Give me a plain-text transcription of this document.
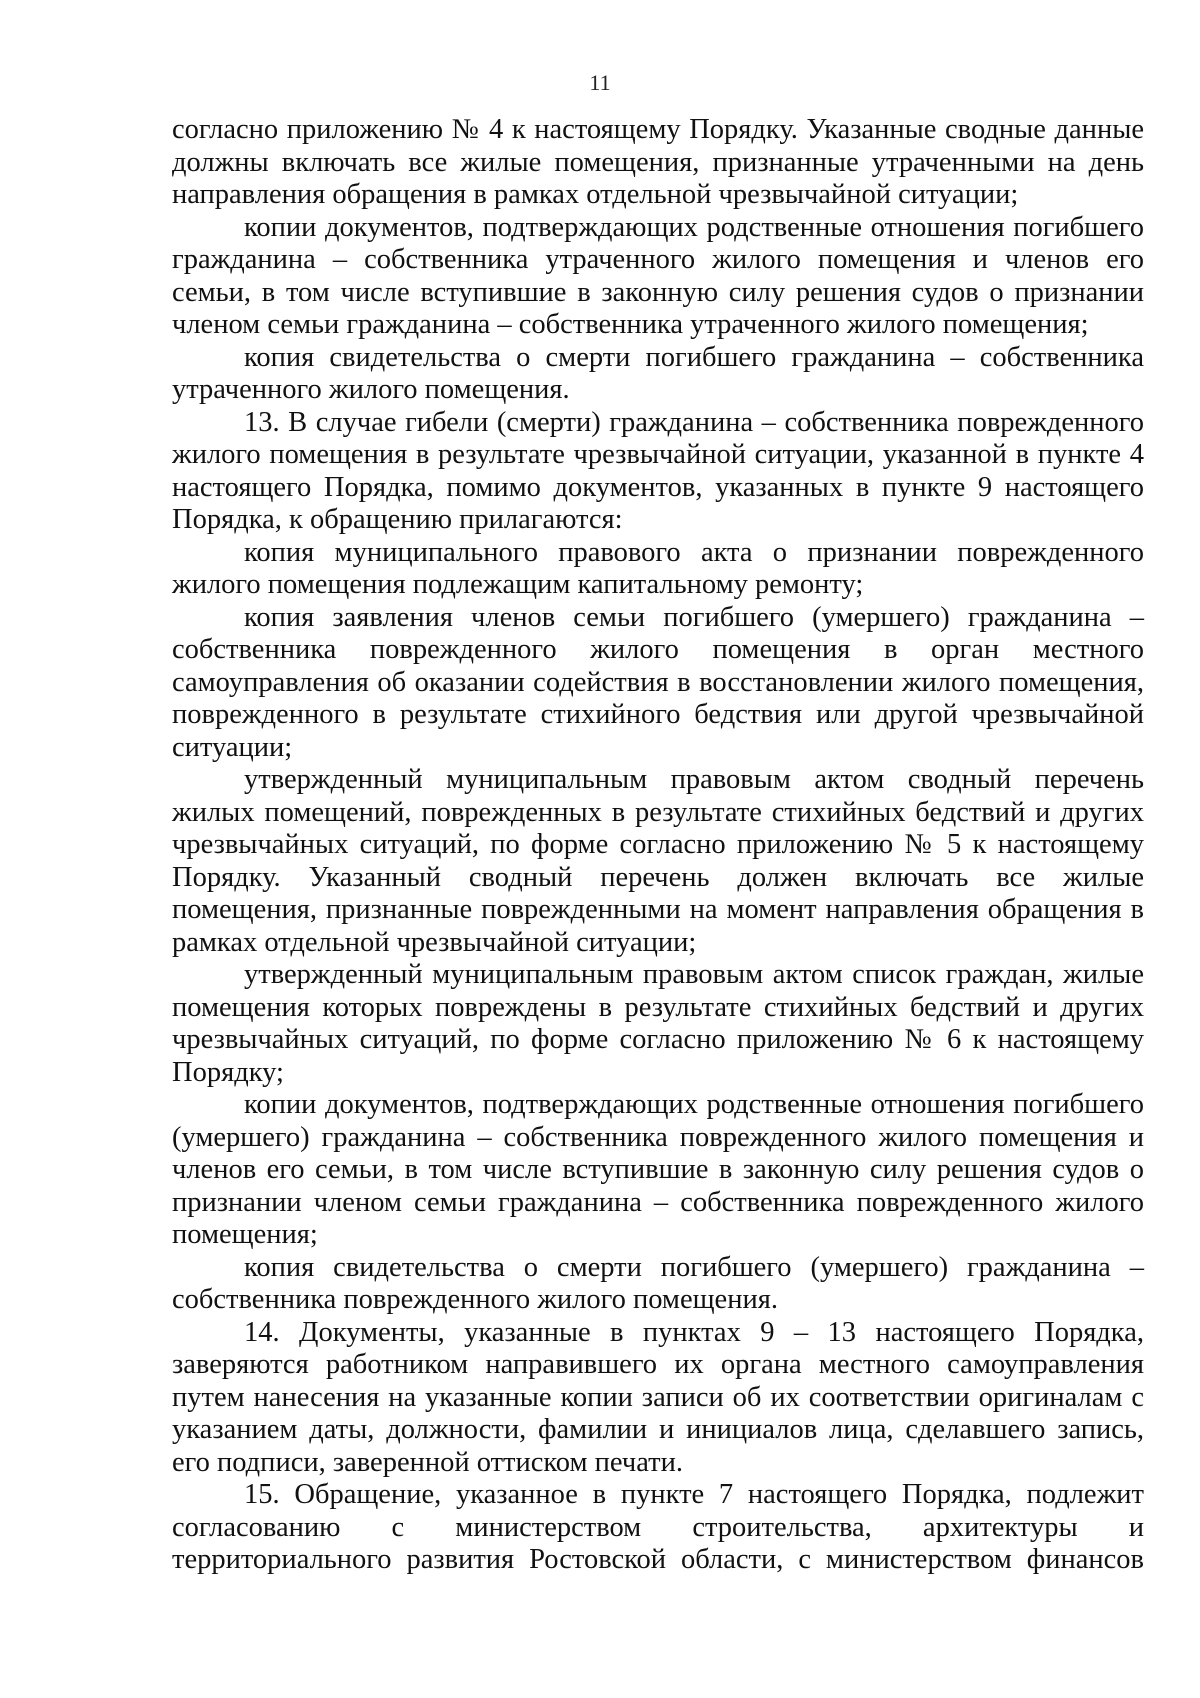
11

согласно приложению № 4 к настоящему Порядку. Указанные сводные данные должны включать все жилые помещения, признанные утраченными на день направления обращения в рамках отдельной чрезвычайной ситуации;

копии документов, подтверждающих родственные отношения погибшего гражданина – собственника утраченного жилого помещения и членов его семьи, в том числе вступившие в законную силу решения судов о признании членом семьи гражданина – собственника утраченного жилого помещения;

копия свидетельства о смерти погибшего гражданина – собственника утраченного жилого помещения.

13. В случае гибели (смерти) гражданина – собственника поврежденного жилого помещения в результате чрезвычайной ситуации, указанной в пункте 4 настоящего Порядка, помимо документов, указанных в пункте 9 настоящего Порядка, к обращению прилагаются:

копия муниципального правового акта о признании поврежденного жилого помещения подлежащим капитальному ремонту;

копия заявления членов семьи погибшего (умершего) гражданина – собственника поврежденного жилого помещения в орган местного самоуправления об оказании содействия в восстановлении жилого помещения, поврежденного в результате стихийного бедствия или другой чрезвычайной ситуации;

утвержденный муниципальным правовым актом сводный перечень жилых помещений, поврежденных в результате стихийных бедствий и других чрезвычайных ситуаций, по форме согласно приложению № 5 к настоящему Порядку. Указанный сводный перечень должен включать все жилые помещения, признанные поврежденными на момент направления обращения в рамках отдельной чрезвычайной ситуации;

утвержденный муниципальным правовым актом список граждан, жилые помещения которых повреждены в результате стихийных бедствий и других чрезвычайных ситуаций, по форме согласно приложению № 6 к настоящему Порядку;

копии документов, подтверждающих родственные отношения погибшего (умершего) гражданина – собственника поврежденного жилого помещения и членов его семьи, в том числе вступившие в законную силу решения судов о признании членом семьи гражданина – собственника поврежденного жилого помещения;

копия свидетельства о смерти погибшего (умершего) гражданина – собственника поврежденного жилого помещения.

14. Документы, указанные в пунктах 9 – 13 настоящего Порядка, заверяются работником направившего их органа местного самоуправления путем нанесения на указанные копии записи об их соответствии оригиналам с указанием даты, должности, фамилии и инициалов лица, сделавшего запись, его подписи, заверенной оттиском печати.

15. Обращение, указанное в пункте 7 настоящего Порядка, подлежит согласованию с министерством строительства, архитектуры и территориального развития Ростовской области, с министерством финансов
